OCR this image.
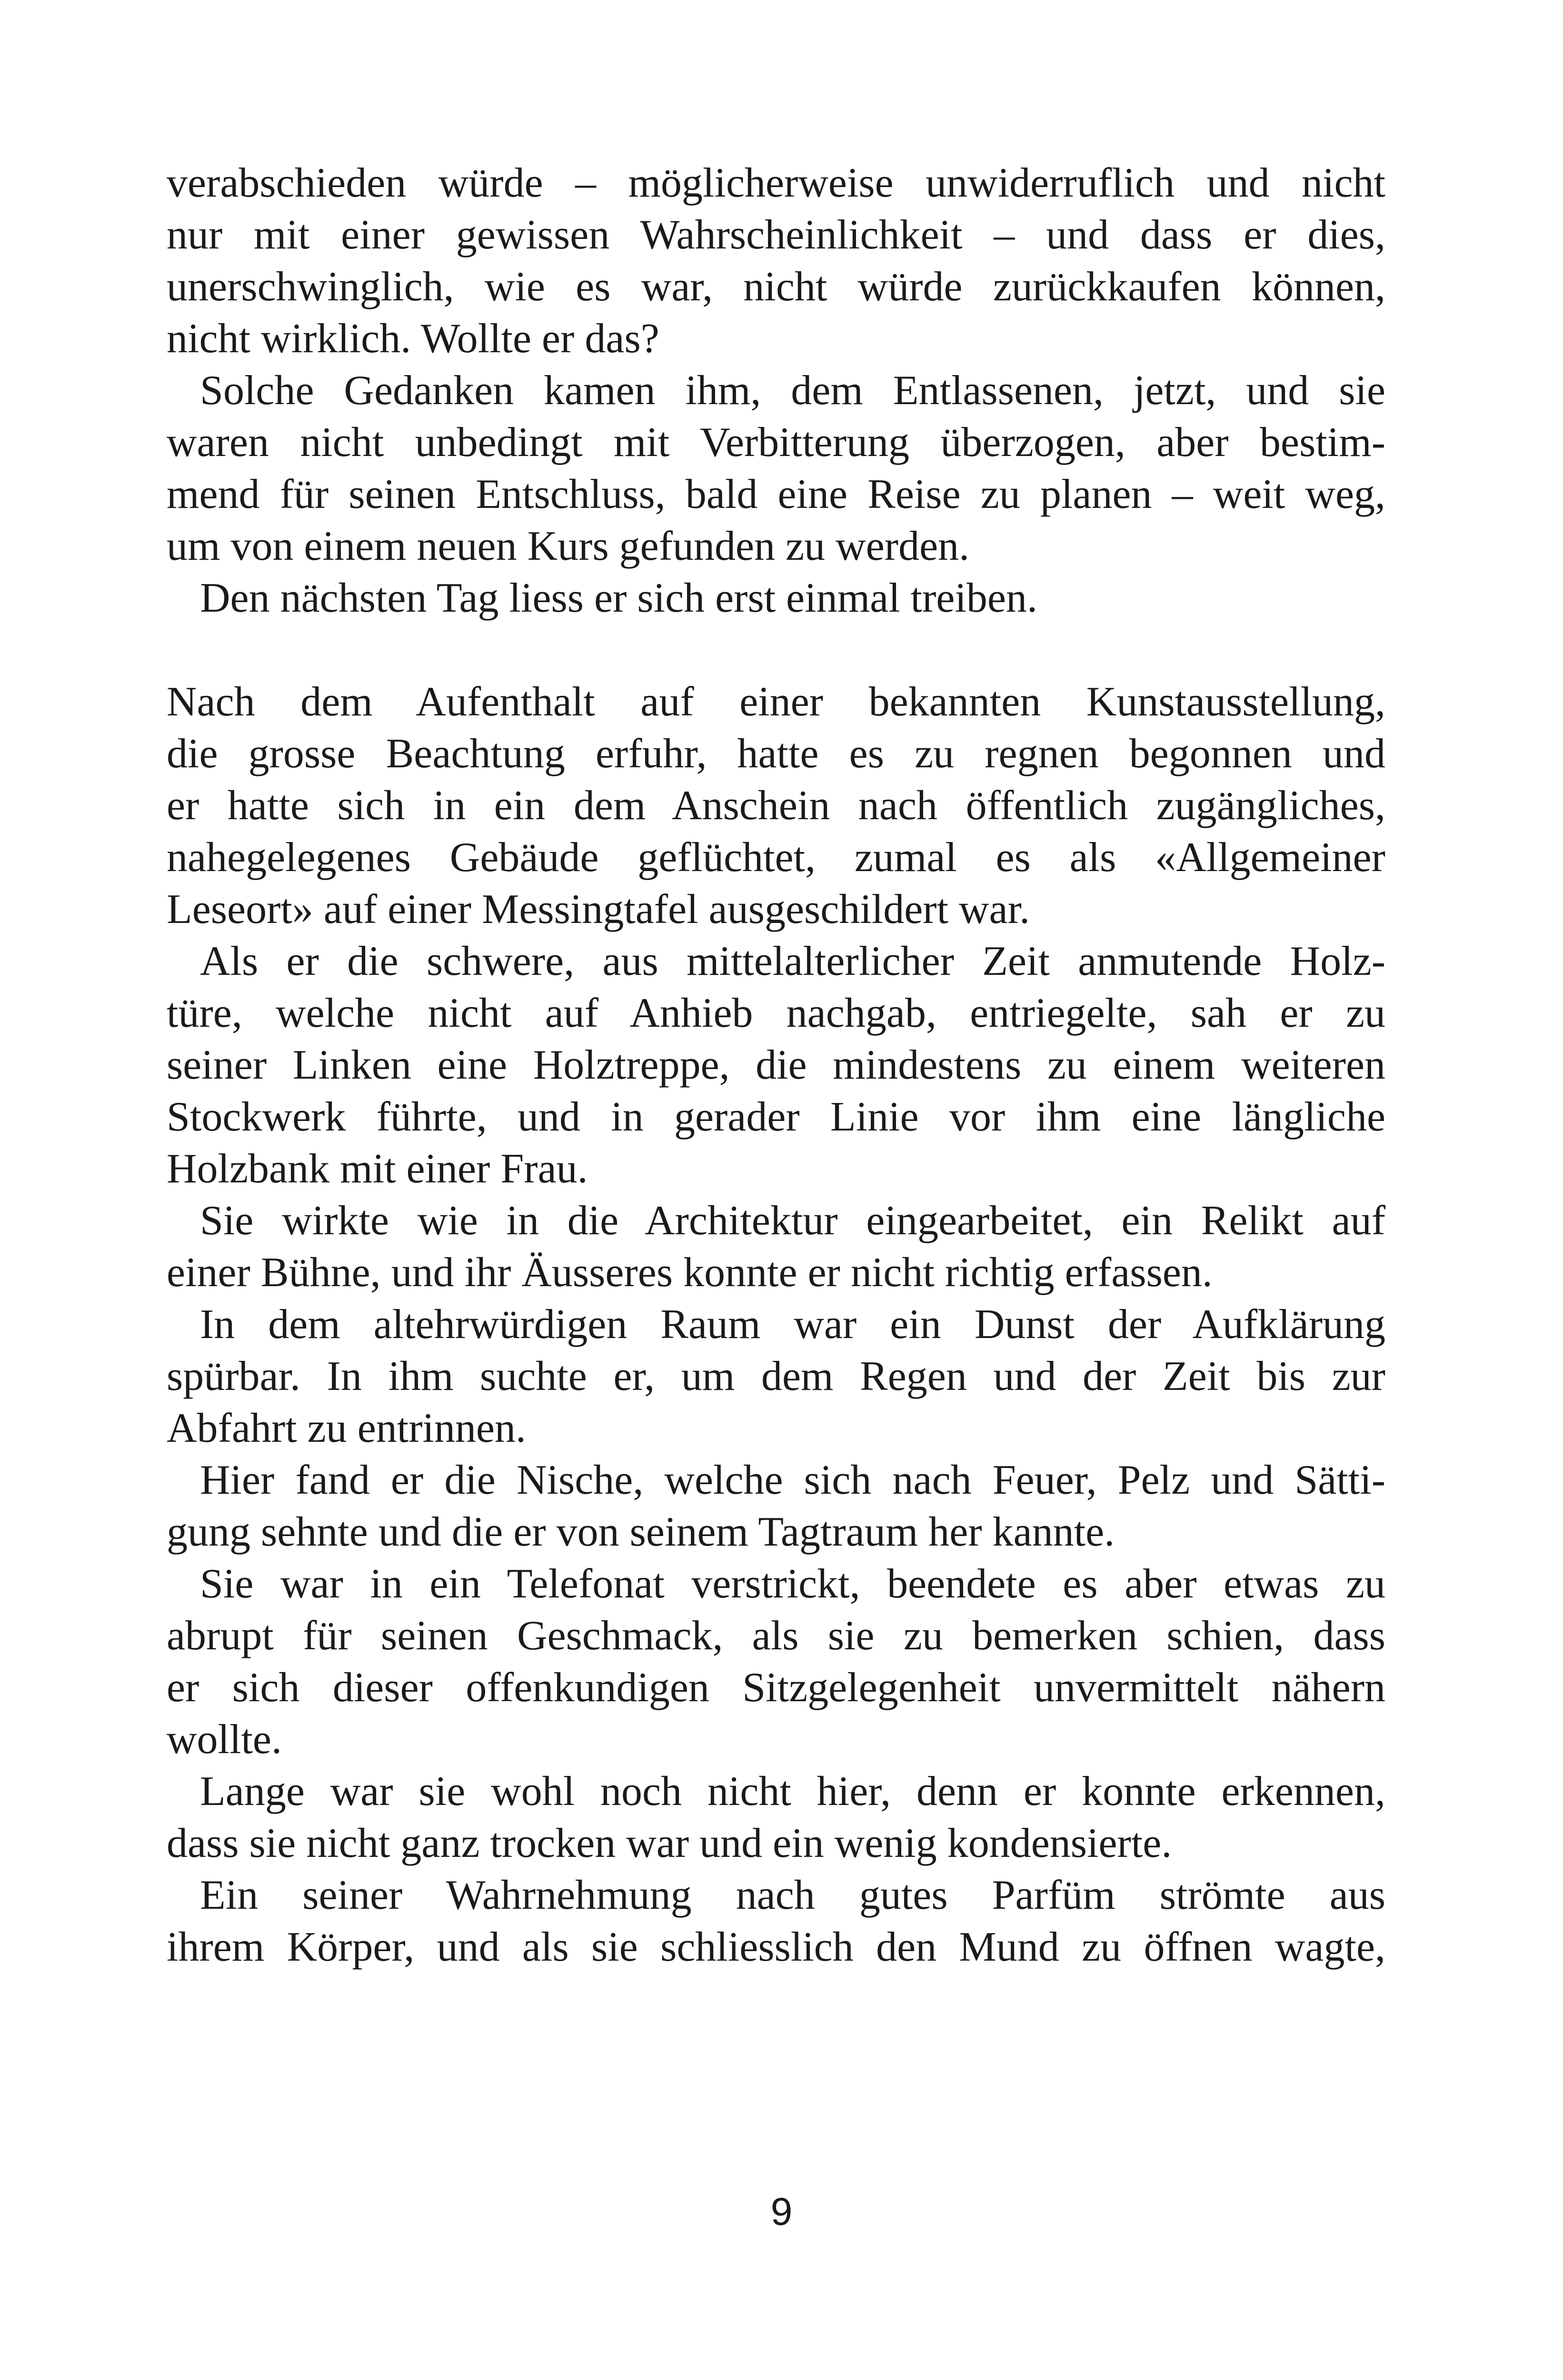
verabschieden würde – möglicherweise unwiderruflich und nicht
nur mit einer gewissen Wahrscheinlichkeit – und dass er dies,
unerschwinglich, wie es war, nicht würde zurückkaufen können,
nicht wirklich. Wollte er das?
Solche Gedanken kamen ihm, dem Entlassenen, jetzt, und sie
waren nicht unbedingt mit Verbitterung überzogen, aber bestim-
mend für seinen Entschluss, bald eine Reise zu planen – weit weg,
um von einem neuen Kurs gefunden zu werden.
Den nächsten Tag liess er sich erst einmal treiben.
Nach dem Aufenthalt auf einer bekannten Kunstausstellung,
die grosse Beachtung erfuhr, hatte es zu regnen begonnen und
er hatte sich in ein dem Anschein nach öffentlich zugängliches,
nahegelegenes Gebäude geflüchtet, zumal es als «Allgemeiner
Leseort» auf einer Messingtafel ausgeschildert war.
Als er die schwere, aus mittelalterlicher Zeit anmutende Holz-
türe, welche nicht auf Anhieb nachgab, entriegelte, sah er zu
seiner Linken eine Holztreppe, die mindestens zu einem weiteren
Stockwerk führte, und in gerader Linie vor ihm eine längliche
Holzbank mit einer Frau.
Sie wirkte wie in die Architektur eingearbeitet, ein Relikt auf
einer Bühne, und ihr Äusseres konnte er nicht richtig erfassen.
In dem altehrwürdigen Raum war ein Dunst der Aufklärung
spürbar. In ihm suchte er, um dem Regen und der Zeit bis zur
Abfahrt zu entrinnen.
Hier fand er die Nische, welche sich nach Feuer, Pelz und Sätti-
gung sehnte und die er von seinem Tagtraum her kannte.
Sie war in ein Telefonat verstrickt, beendete es aber etwas zu
abrupt für seinen Geschmack, als sie zu bemerken schien, dass
er sich dieser offenkundigen Sitzgelegenheit unvermittelt nähern
wollte.
Lange war sie wohl noch nicht hier, denn er konnte erkennen,
dass sie nicht ganz trocken war und ein wenig kondensierte.
Ein seiner Wahrnehmung nach gutes Parfüm strömte aus
ihrem Körper, und als sie schliesslich den Mund zu öffnen wagte,
9
